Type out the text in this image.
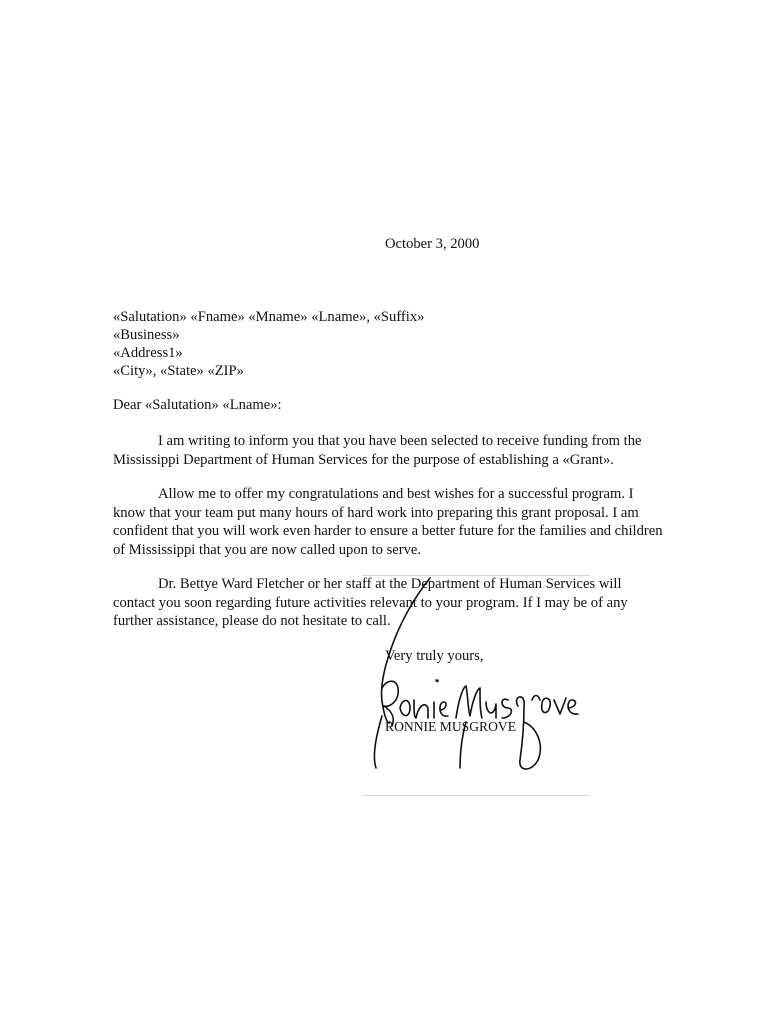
October 3, 2000
«Salutation» «Fname» «Mname» «Lname», «Suffix»
«Business»
«Address1»
«City», «State» «ZIP»
Dear «Salutation» «Lname»:

I am writing to inform you that you have been selected to receive funding from the Mississippi Department of Human Services for the purpose of establishing a «Grant».

Allow me to offer my congratulations and best wishes for a successful program. I know that your team put many hours of hard work into preparing this grant proposal. I am confident that you will work even harder to ensure a better future for the families and children of Mississippi that you are now called upon to serve.

Dr. Bettye Ward Fletcher or her staff at the Department of Human Services will contact you soon regarding future activities relevant to your program. If I may be of any further assistance, please do not hesitate to call.

Very truly yours,
RONNIE MUSGROVE
